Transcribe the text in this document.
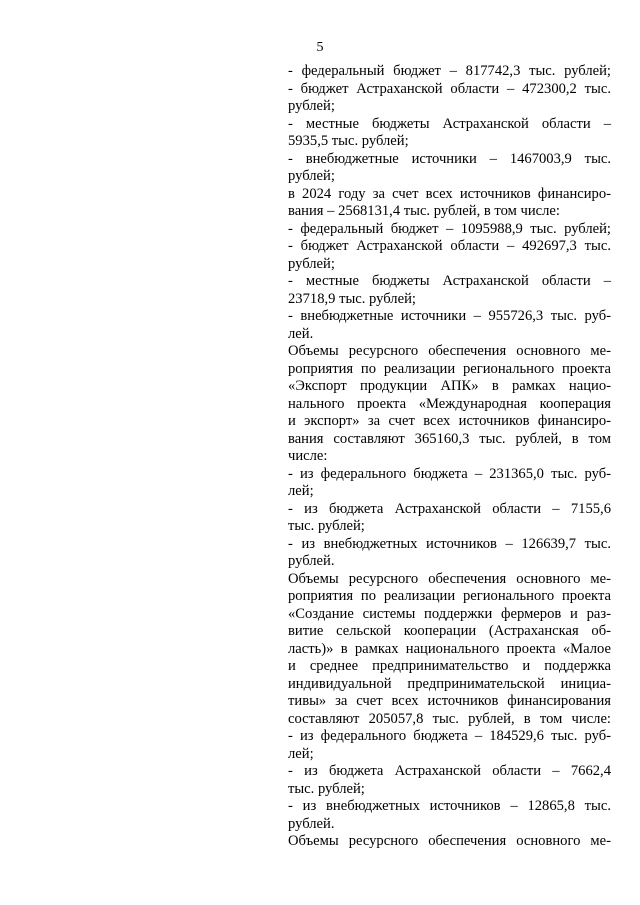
5
- федеральный бюджет – 817742,3 тыс. рублей;
- бюджет Астраханской области – 472300,2 тыс.
рублей;
- местные бюджеты Астраханской области –
5935,5 тыс. рублей;
- внебюджетные источники – 1467003,9 тыс.
рублей;
в 2024 году за счет всех источников финансиро-
вания – 2568131,4 тыс. рублей, в том числе:
- федеральный бюджет – 1095988,9 тыс. рублей;
- бюджет Астраханской области – 492697,3 тыс.
рублей;
- местные бюджеты Астраханской области –
23718,9 тыс. рублей;
- внебюджетные источники – 955726,3 тыс. руб-
лей.
Объемы ресурсного обеспечения основного ме-
роприятия по реализации регионального проекта
«Экспорт продукции АПК» в рамках нацио-
нального проекта «Международная кооперация
и экспорт» за счет всех источников финансиро-
вания составляют 365160,3 тыс. рублей, в том
числе:
- из федерального бюджета – 231365,0 тыс. руб-
лей;
- из бюджета Астраханской области – 7155,6
тыс. рублей;
- из внебюджетных источников – 126639,7 тыс.
рублей.
Объемы ресурсного обеспечения основного ме-
роприятия по реализации регионального проекта
«Создание системы поддержки фермеров и раз-
витие сельской кооперации (Астраханская об-
ласть)» в рамках национального проекта «Малое
и среднее предпринимательство и поддержка
индивидуальной предпринимательской инициа-
тивы» за счет всех источников финансирования
составляют 205057,8 тыс. рублей, в том числе:
- из федерального бюджета – 184529,6 тыс. руб-
лей;
- из бюджета Астраханской области – 7662,4
тыс. рублей;
- из внебюджетных источников – 12865,8 тыс.
рублей.
Объемы ресурсного обеспечения основного ме-
